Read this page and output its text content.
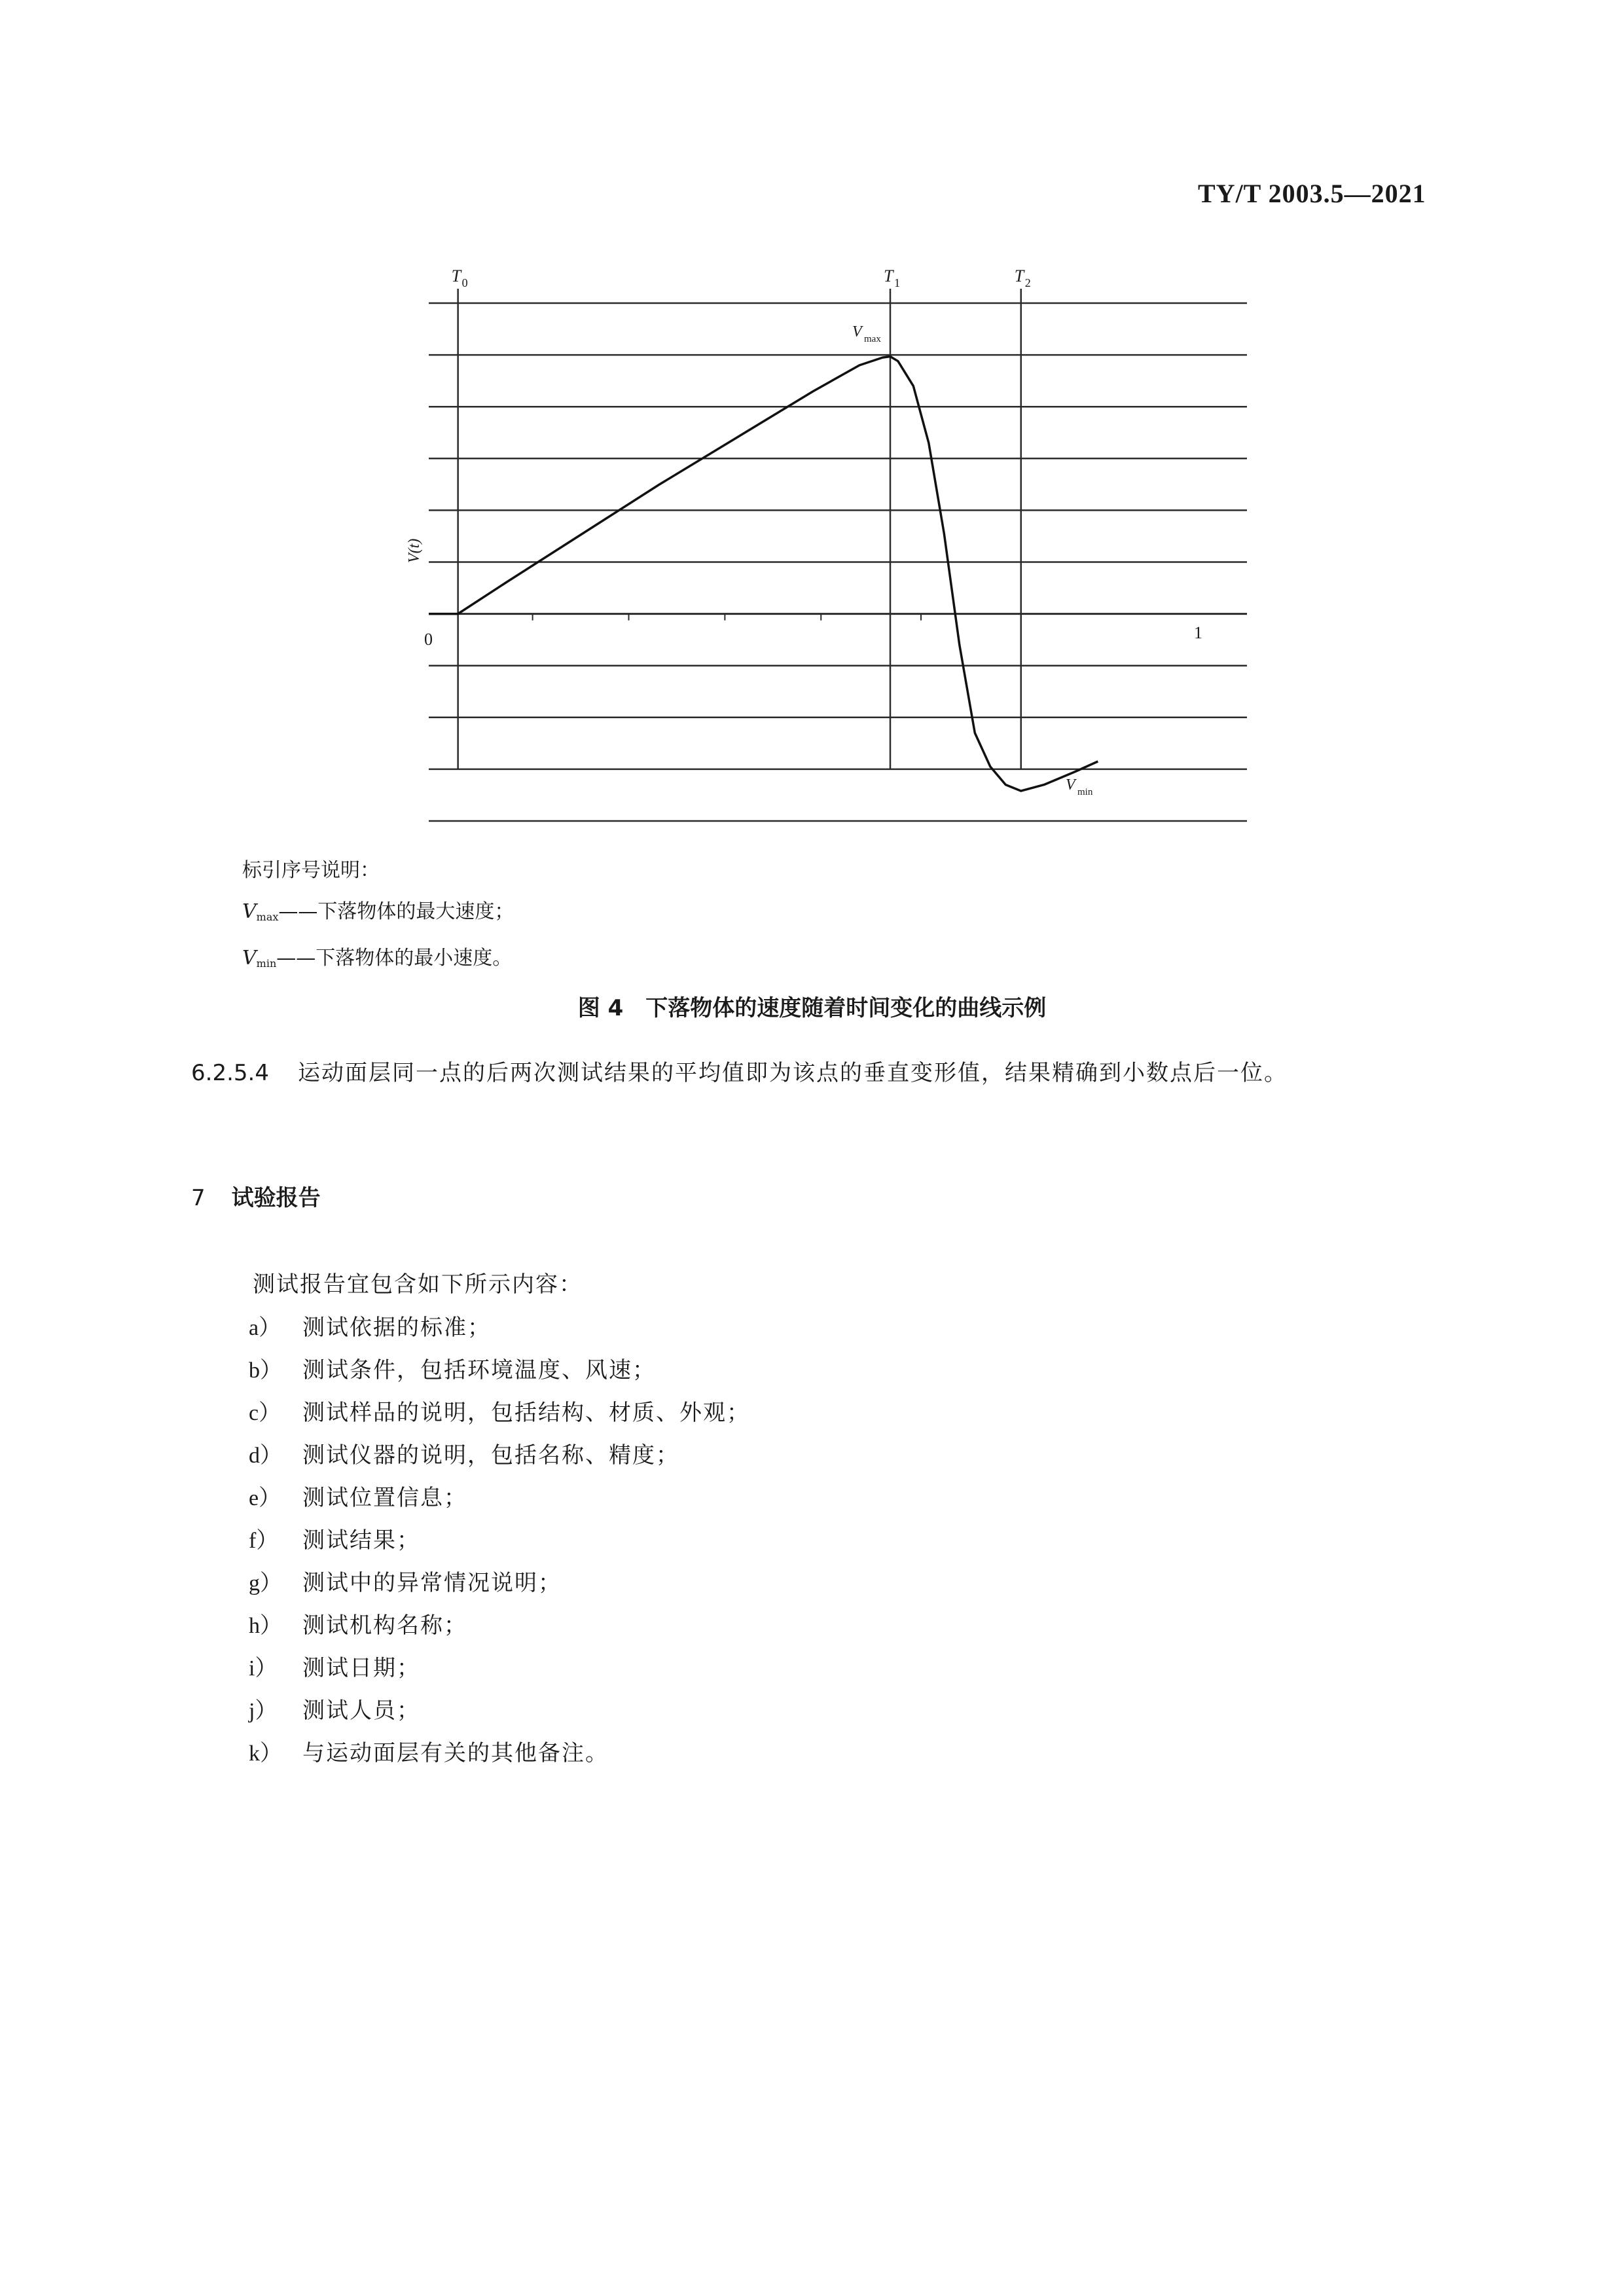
TY/T 2003.5—2021
T 0	T 1	T 2
0	1
V(t)
V max
V min
标引序号说明：
$V_{max}——$下落物体的最大速度；
$V_{min}——$下落物体的最小速度。
图 4 下落物体的速度随着时间变化的曲线示例
6.2.5.4 运动面层同一点的后两次测试结果的平均值即为该点的垂直变形值，结果精确到小数点后一位。
7 试验报告
测试报告宜包含如下所示内容：
a） 测试依据的标准；
b） 测试条件，包括环境温度、风速；
c） 测试样品的说明，包括结构、材质、外观；
d） 测试仪器的说明，包括名称、精度；
e） 测试位置信息；
f） 测试结果；
g） 测试中的异常情况说明；
h） 测试机构名称；
i） 测试日期；
j） 测试人员；
k） 与运动面层有关的其他备注。
